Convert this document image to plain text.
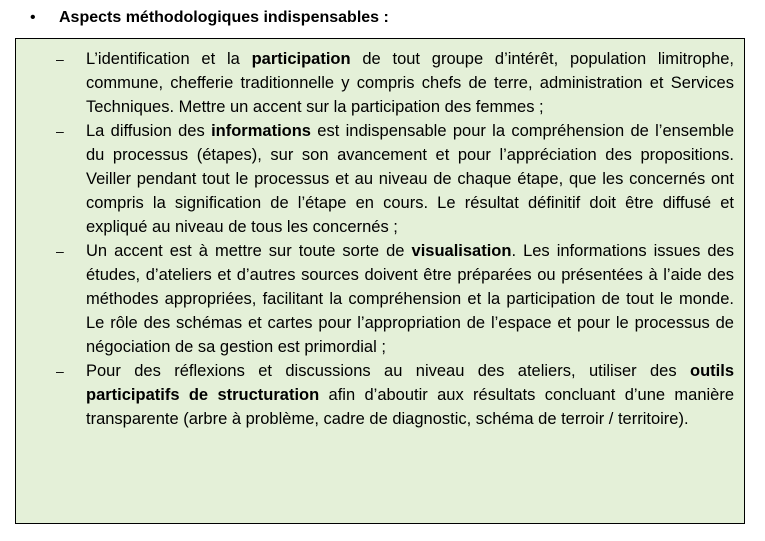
• Aspects méthodologiques indispensables :
– L’identification et la participation de tout groupe d’intérêt, population limitrophe, commune, chefferie traditionnelle y compris chefs de terre, administration et Services Techniques. Mettre un accent sur la participation des femmes ;
– La diffusion des informations est indispensable pour la compréhension de l’ensemble du processus (étapes), sur son avancement et pour l’appréciation des propositions. Veiller pendant tout le processus et au niveau de chaque étape, que les concernés ont compris la signification de l’étape en cours. Le résultat définitif doit être diffusé et expliqué au niveau de tous les concernés ;
– Un accent est à mettre sur toute sorte de visualisation. Les informations issues des études, d’ateliers et d’autres sources doivent être préparées ou présentées à l’aide des méthodes appropriées, facilitant la compréhension et la participation de tout le monde. Le rôle des schémas et cartes pour l’appropriation de l’espace et pour le processus de négociation de sa gestion est primordial ;
– Pour des réflexions et discussions au niveau des ateliers, utiliser des outils participatifs de structuration afin d’aboutir aux résultats concluant d’une manière transparente (arbre à problème, cadre de diagnostic, schéma de terroir / territoire).
